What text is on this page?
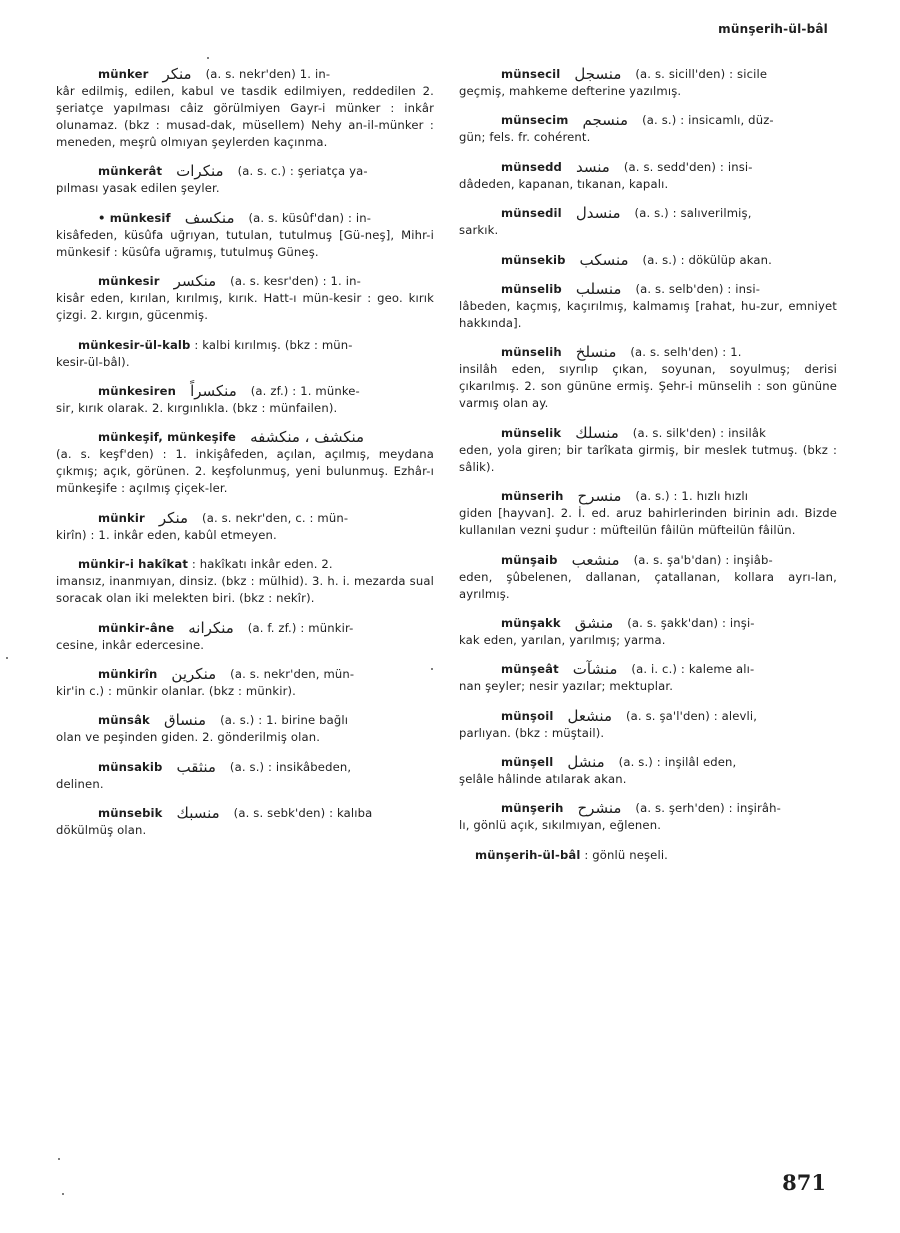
münşerih-ül-bâl
münker منكر (a. s. nekr'den) 1. in-
kâr edilmiş, edilen, kabul ve tasdik edilmiyen, reddedilen 2. şeriatçe yapılması câiz görülmiyen Gayr-i münker : inkâr olunamaz. (bkz : musad-dak, müsellem) Nehy an-il-münker : meneden, meşrû olmıyan şeylerden kaçınma.
münkerât منكرات (a. s. c.) : şeriatça ya-
pılması yasak edilen şeyler.
• münkesif منكسف (a. s. küsûf'dan) : in-
kisâfeden, küsûfa uğrıyan, tutulan, tutulmuş [Gü-neş], Mihr-i münkesif : küsûfa uğramış, tutulmuş Güneş.
münkesir منكسر (a. s. kesr'den) : 1. in-
kisâr eden, kırılan, kırılmış, kırık. Hatt-ı mün-kesir : geo. kırık çizgi. 2. kırgın, gücenmiş.
münkesir-ül-kalb : kalbi kırılmış. (bkz : mün-
kesir-ül-bâl).
münkesiren منكسراً (a. zf.) : 1. münke-
sir, kırık olarak. 2. kırgınlıkla. (bkz : münfailen).
münkeşif, münkeşife منكشف ، منكشفه
(a. s. keşf'den) : 1. inkişâfeden, açılan, açılmış, meydana çıkmış; açık, görünen. 2. keşfolunmuş, yeni bulunmuş. Ezhâr-ı münkeşife : açılmış çiçek-ler.
münkir منكر (a. s. nekr'den, c. : mün-
kirîn) : 1. inkâr eden, kabûl etmeyen.
münkir-i hakîkat : hakîkatı inkâr eden. 2.
imansız, inanmıyan, dinsiz. (bkz : mülhid). 3. h. i. mezarda sual soracak olan iki melekten biri. (bkz : nekîr).
münkir-âne منكرانه (a. f. zf.) : münkir-
cesine, inkâr edercesine.
münkirîn منكرين (a. s. nekr'den, mün-
kir'in c.) : münkir olanlar. (bkz : münkir).
münsâk منساق (a. s.) : 1. birine bağlı
olan ve peşinden giden. 2. gönderilmiş olan.
münsakib منثقب (a. s.) : insikâbeden,
delinen.
münsebik منسبك (a. s. sebk'den) : kalıba
dökülmüş olan.
münsecil منسجل (a. s. sicill'den) : sicile
geçmiş, mahkeme defterine yazılmış.
münsecim منسجم (a. s.) : insicamlı, düz-
gün; fels. fr. cohérent.
münsedd منسد (a. s. sedd'den) : insi-
dâdeden, kapanan, tıkanan, kapalı.
münsedil منسدل (a. s.) : salıverilmiş,
sarkık.
münsekib منسكب (a. s.) : dökülüp akan.
münselib منسلب (a. s. selb'den) : insi-
lâbeden, kaçmış, kaçırılmış, kalmamış [rahat, hu-zur, emniyet hakkında].
münselih منسلخ (a. s. selh'den) : 1.
insilâh eden, sıyrılıp çıkan, soyunan, soyulmuş; derisi çıkarılmış. 2. son gününe ermiş. Şehr-i münselih : son gününe varmış olan ay.
münselik منسلك (a. s. silk'den) : insilâk
eden, yola giren; bir tarîkata girmiş, bir meslek tutmuş. (bkz : sâlik).
münserih منسرح (a. s.) : 1. hızlı hızlı
giden [hayvan]. 2. İ. ed. aruz bahirlerinden birinin adı. Bizde kullanılan vezni şudur : müfteilün fâilün müfteilün fâilün.
münşaib منشعب (a. s. şa'b'dan) : inşiâb-
eden, şûbelenen, dallanan, çatallanan, kollara ayrı-lan, ayrılmış.
münşakk منشق (a. s. şakk'dan) : inşi-
kak eden, yarılan, yarılmış; yarma.
münşeât منشآت (a. i. c.) : kaleme alı-
nan şeyler; nesir yazılar; mektuplar.
münşoil منشعل (a. s. şa'l'den) : alevli,
parlıyan. (bkz : müştail).
münşell منشل (a. s.) : inşilâl eden,
şelâle hâlinde atılarak akan.
münşerih منشرح (a. s. şerh'den) : inşirâh-
lı, gönlü açık, sıkılmıyan, eğlenen.
münşerih-ül-bâl : gönlü neşeli.
871
